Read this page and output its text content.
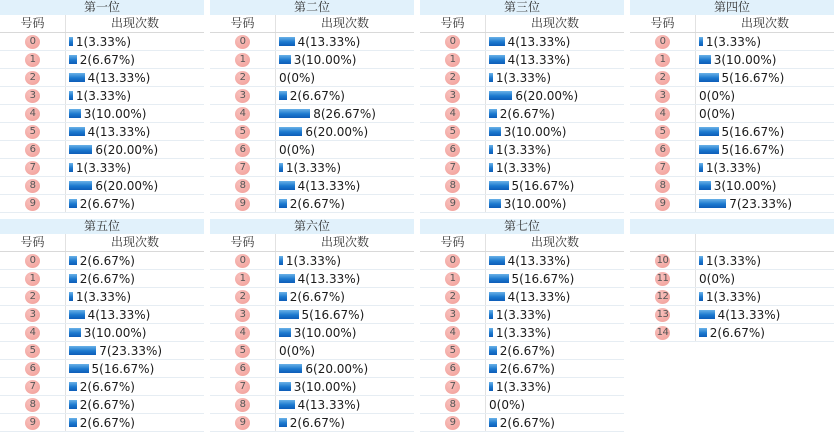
第一位
号码	出现次数
0	1(3.33%)
1	2(6.67%)
2	4(13.33%)
3	1(3.33%)
4	3(10.00%)
5	4(13.33%)
6	6(20.00%)
7	1(3.33%)
8	6(20.00%)
9	2(6.67%)
第二位
号码	出现次数
0	4(13.33%)
1	3(10.00%)
2	0(0%)
3	2(6.67%)
4	8(26.67%)
5	6(20.00%)
6	0(0%)
7	1(3.33%)
8	4(13.33%)
9	2(6.67%)
第三位
号码	出现次数
0	4(13.33%)
1	4(13.33%)
2	1(3.33%)
3	6(20.00%)
4	2(6.67%)
5	3(10.00%)
6	1(3.33%)
7	1(3.33%)
8	5(16.67%)
9	3(10.00%)
第四位
号码	出现次数
0	1(3.33%)
1	3(10.00%)
2	5(16.67%)
3	0(0%)
4	0(0%)
5	5(16.67%)
6	5(16.67%)
7	1(3.33%)
8	3(10.00%)
9	7(23.33%)
第五位
号码	出现次数
0	2(6.67%)
1	2(6.67%)
2	1(3.33%)
3	4(13.33%)
4	3(10.00%)
5	7(23.33%)
6	5(16.67%)
7	2(6.67%)
8	2(6.67%)
9	2(6.67%)
第六位
号码	出现次数
0	1(3.33%)
1	4(13.33%)
2	2(6.67%)
3	5(16.67%)
4	3(10.00%)
5	0(0%)
6	6(20.00%)
7	3(10.00%)
8	4(13.33%)
9	2(6.67%)
第七位
号码	出现次数
0	4(13.33%)
1	5(16.67%)
2	4(13.33%)
3	1(3.33%)
4	1(3.33%)
5	2(6.67%)
6	2(6.67%)
7	1(3.33%)
8	0(0%)
9	2(6.67%)
10	1(3.33%)
11	0(0%)
12	1(3.33%)
13	4(13.33%)
14	2(6.67%)
